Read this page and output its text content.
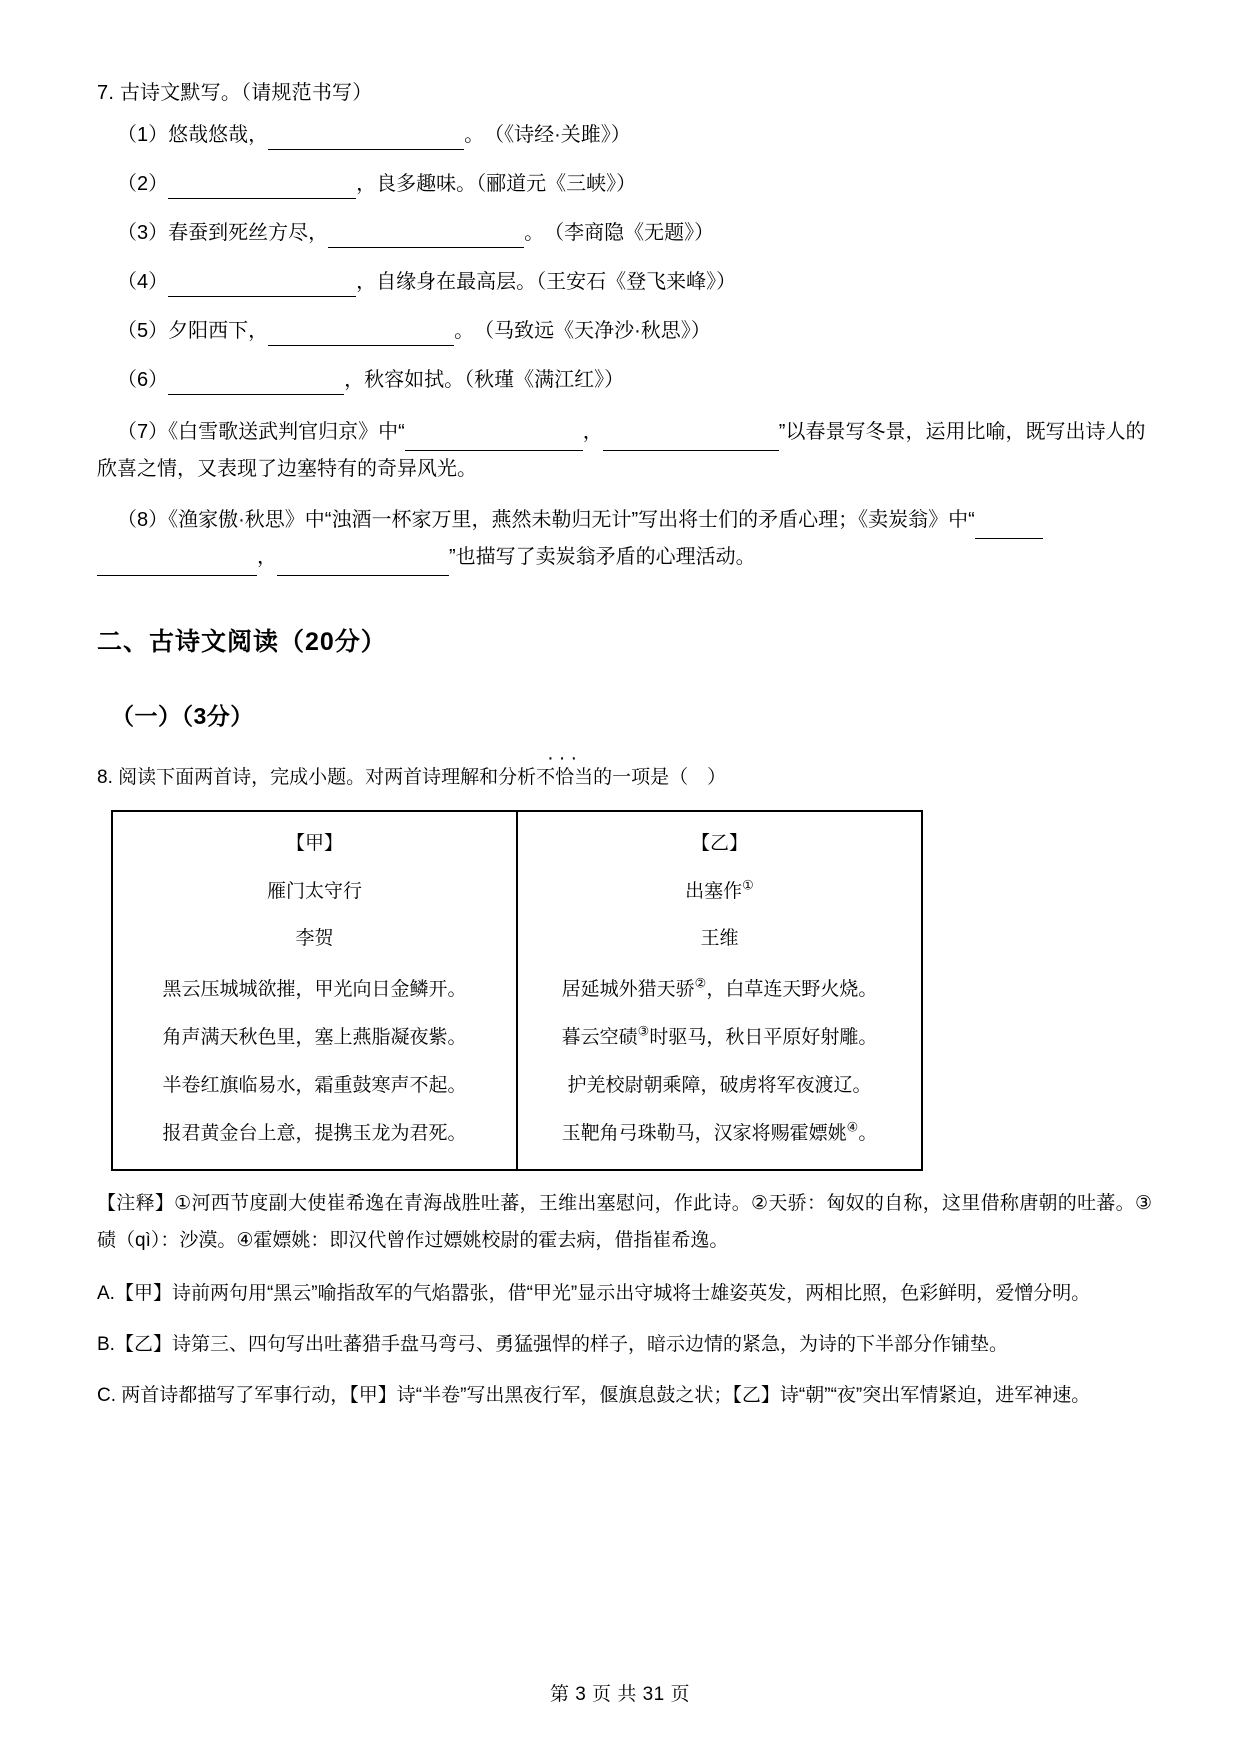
7. 古诗文默写。（请规范书写）
（1）悠哉悠哉，	。　（《诗经·关雎》）
（2）	，良多趣味。（郦道元《三峡》）
（3）春蚕到死丝方尽，	。　（李商隐《无题》）
（4）	，自缘身在最高层。（王安石《登飞来峰》）
（5）夕阳西下，	。　（马致远《天净沙·秋思》）
（6）	，秋容如拭。（秋瑾《满江红》）
（7）《白雪歌送武判官归京》中“	，	”以春景写冬景，运用比喻，既写出诗人的欣喜之情，又表现了边塞特有的奇异风光。
（8）《渔家傲·秋思》中“浊酒一杯家万里，燕然未勒归无计”写出将士们的矛盾心理；《卖炭翁》中“，	”也描写了卖炭翁矛盾的心理活动。
二、古诗文阅读（20分）
（一）（3分）
8. 阅读下面两首诗，完成小题。对两首诗理解和分析··· 不恰当的一项是（　）
【甲】
雁门太守行
李贺
黑云压城城欲摧，甲光向日金鳞开。
角声满天秋色里，塞上燕脂凝夜紫。
半卷红旗临易水，霜重鼓寒声不起。
报君黄金台上意，提携玉龙为君死。

【乙】
出塞作①
王维
居延城外猎天骄②，白草连天野火烧。
暮云空碛③时驱马，秋日平原好射雕。
护羌校尉朝乘障，破虏将军夜渡辽。
玉靶角弓珠勒马，汉家将赐霍嫖姚④。
【注释】①河西节度副大使崔希逸在青海战胜吐蕃，王维出塞慰问，作此诗。②天骄：匈奴的自称，这里借称唐朝的吐蕃。③碛（qì）：沙漠。④霍嫖姚：即汉代曾作过嫖姚校尉的霍去病，借指崔希逸。
A.【甲】诗前两句用“黑云”喻指敌军的气焰嚣张，借“甲光”显示出守城将士雄姿英发，两相比照，色彩鲜明，爱憎分明。
B.【乙】诗第三、四句写出吐蕃猎手盘马弯弓、勇猛强悍的样子，暗示边情的紧急，为诗的下半部分作铺垫。
C. 两首诗都描写了军事行动，【甲】诗“半卷”写出黑夜行军，偃旗息鼓之状；【乙】诗“朝”“夜”突出军情紧迫，进军神速。
第 3 页 共 31 页
